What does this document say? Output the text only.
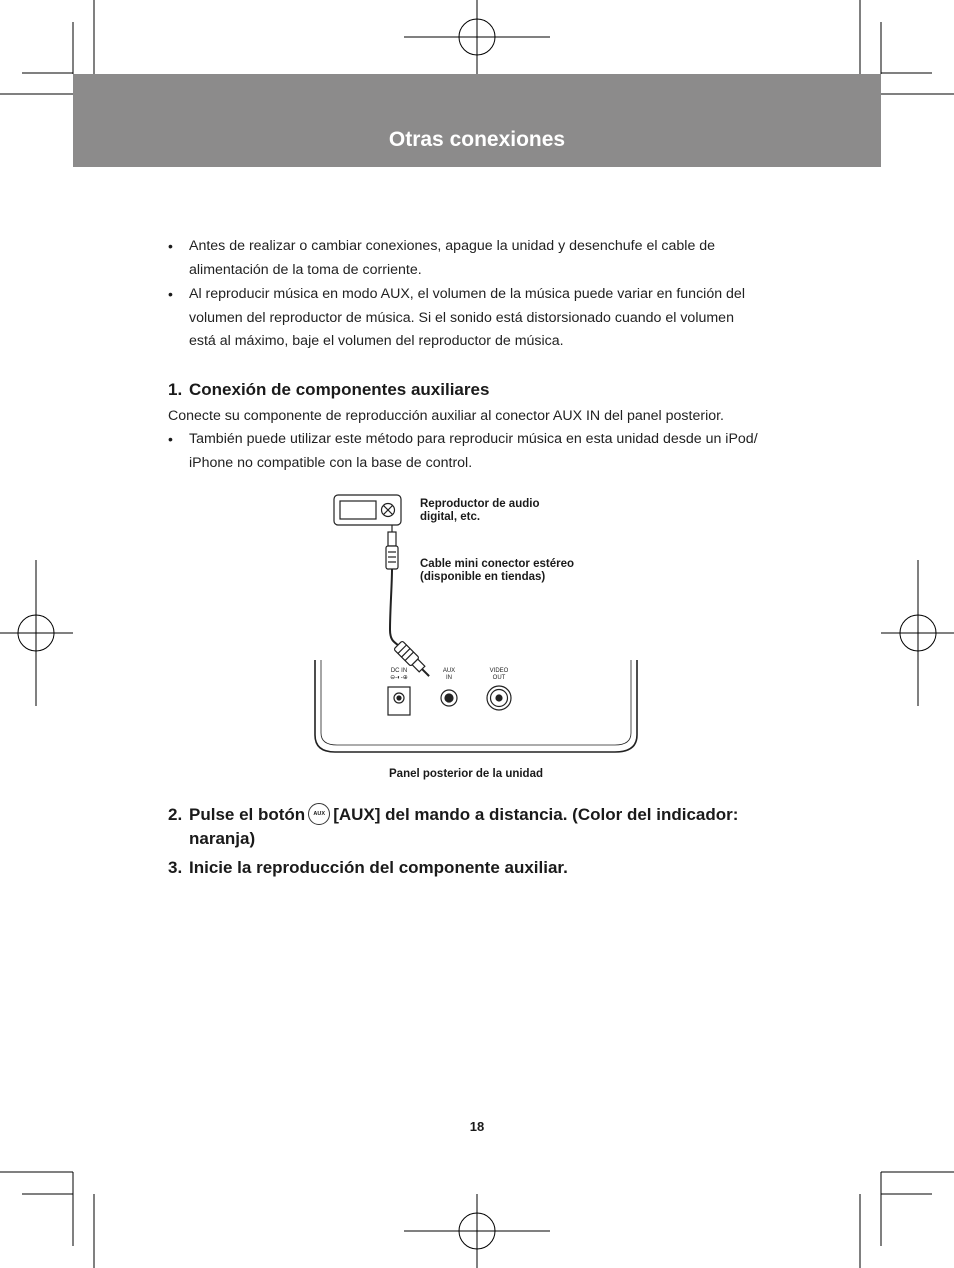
Otras conexiones
• Antes de realizar o cambiar conexiones, apague la unidad y desenchufe el cable de
alimentación de la toma de corriente.
• Al reproducir música en modo AUX, el volumen de la música puede variar en función del
volumen del reproductor de música. Si el sonido está distorsionado cuando el volumen
está al máximo, baje el volumen del reproductor de música.
1. Conexión de componentes auxiliares
Conecte su componente de reproducción auxiliar al conector AUX IN del panel posterior.
• También puede utilizar este método para reproducir música en esta unidad desde un iPod/
iPhone no compatible con la base de control.
DC IN
⊖-◐-⊕
AUX
IN
VIDEO
OUT
Reproductor de audio
digital, etc.
Cable mini conector estéreo
(disponible en tiendas)
Panel posterior de la unidad
2. Pulse el botón AUX [AUX] del mando a distancia. (Color del indicador:
naranja)
3. Inicie la reproducción del componente auxiliar.
18
